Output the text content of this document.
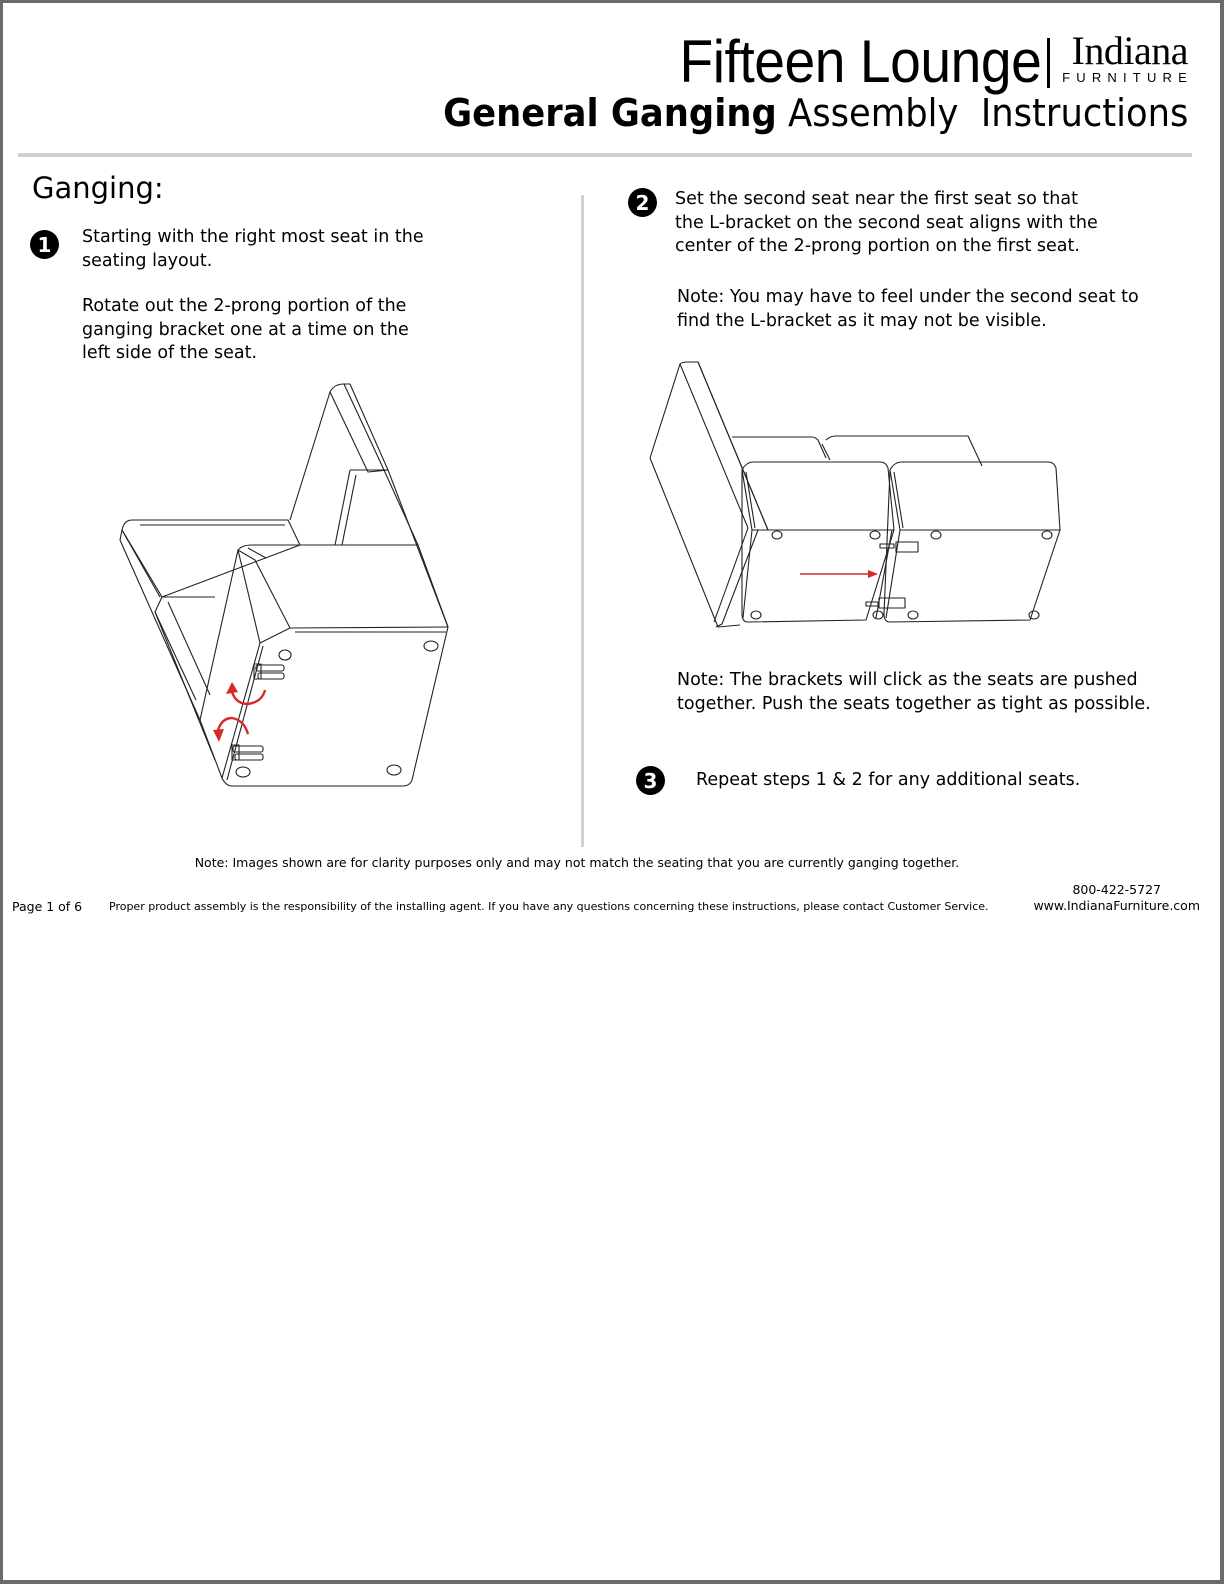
Fifteen Lounge Indiana
FURNITURE
General Ganging Assembly  Instructions
Ganging:
1 Starting with the right most seat in the
seating layout.
Rotate out the 2-prong portion of the
ganging bracket one at a time on the
left side of the seat.
2 Set the second seat near the first seat so that
the L-bracket on the second seat aligns with the
center of the 2-prong portion on the first seat.
Note: You may have to feel under the second seat to
find the L-bracket as it may not be visible.
Note: The brackets will click as the seats are pushed
together. Push the seats together as tight as possible.
3 Repeat steps 1 & 2 for any additional seats.
Note: Images shown are for clarity purposes only and may not match the seating that you are currently ganging together.
Page 1 of 6 Proper product assembly is the responsibility of the installing agent. If you have any questions concerning these instructions, please contact Customer Service.
800-422-5727
www.IndianaFurniture.com
